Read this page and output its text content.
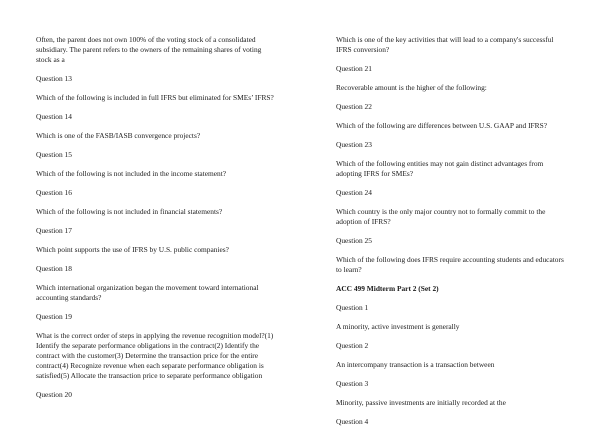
Often, the parent does not own 100% of the voting stock of a consolidated subsidiary. The parent refers to the owners of the remaining shares of voting stock as a

Question 13

Which of the following is included in full IFRS but eliminated for SMEs’ IFRS?

Question 14

Which is one of the FASB/IASB convergence projects?

Question 15

Which of the following is not included in the income statement?

Question 16

Which of the following is not included in financial statements?

Question 17

Which point supports the use of IFRS by U.S. public companies?

Question 18

Which international organization began the movement toward international accounting standards?

Question 19

What is the correct order of steps in applying the revenue recognition model?(1) Identify the separate performance obligations in the contract(2) Identify the contract with the customer(3) Determine the transaction price for the entire contract(4) Recognize revenue when each separate performance obligation is satisfied(5) Allocate the transaction price to separate performance obligation

Question 20

Which is one of the key activities that will lead to a company's successful IFRS conversion?

Question 21

Recoverable amount is the higher of the following:

Question 22

Which of the following are differences between U.S. GAAP and IFRS?

Question 23

Which of the following entities may not gain distinct advantages from adopting IFRS for SMEs?

Question 24

Which country is the only major country not to formally commit to the adoption of IFRS?

Question 25

Which of the following does IFRS require accounting students and educators to learn?

ACC 499 Midterm Part 2 (Set 2)

Question 1

A minority, active investment is generally

Question 2

An intercompany transaction is a transaction between

Question 3

Minority, passive investments are initially recorded at the

Question 4
